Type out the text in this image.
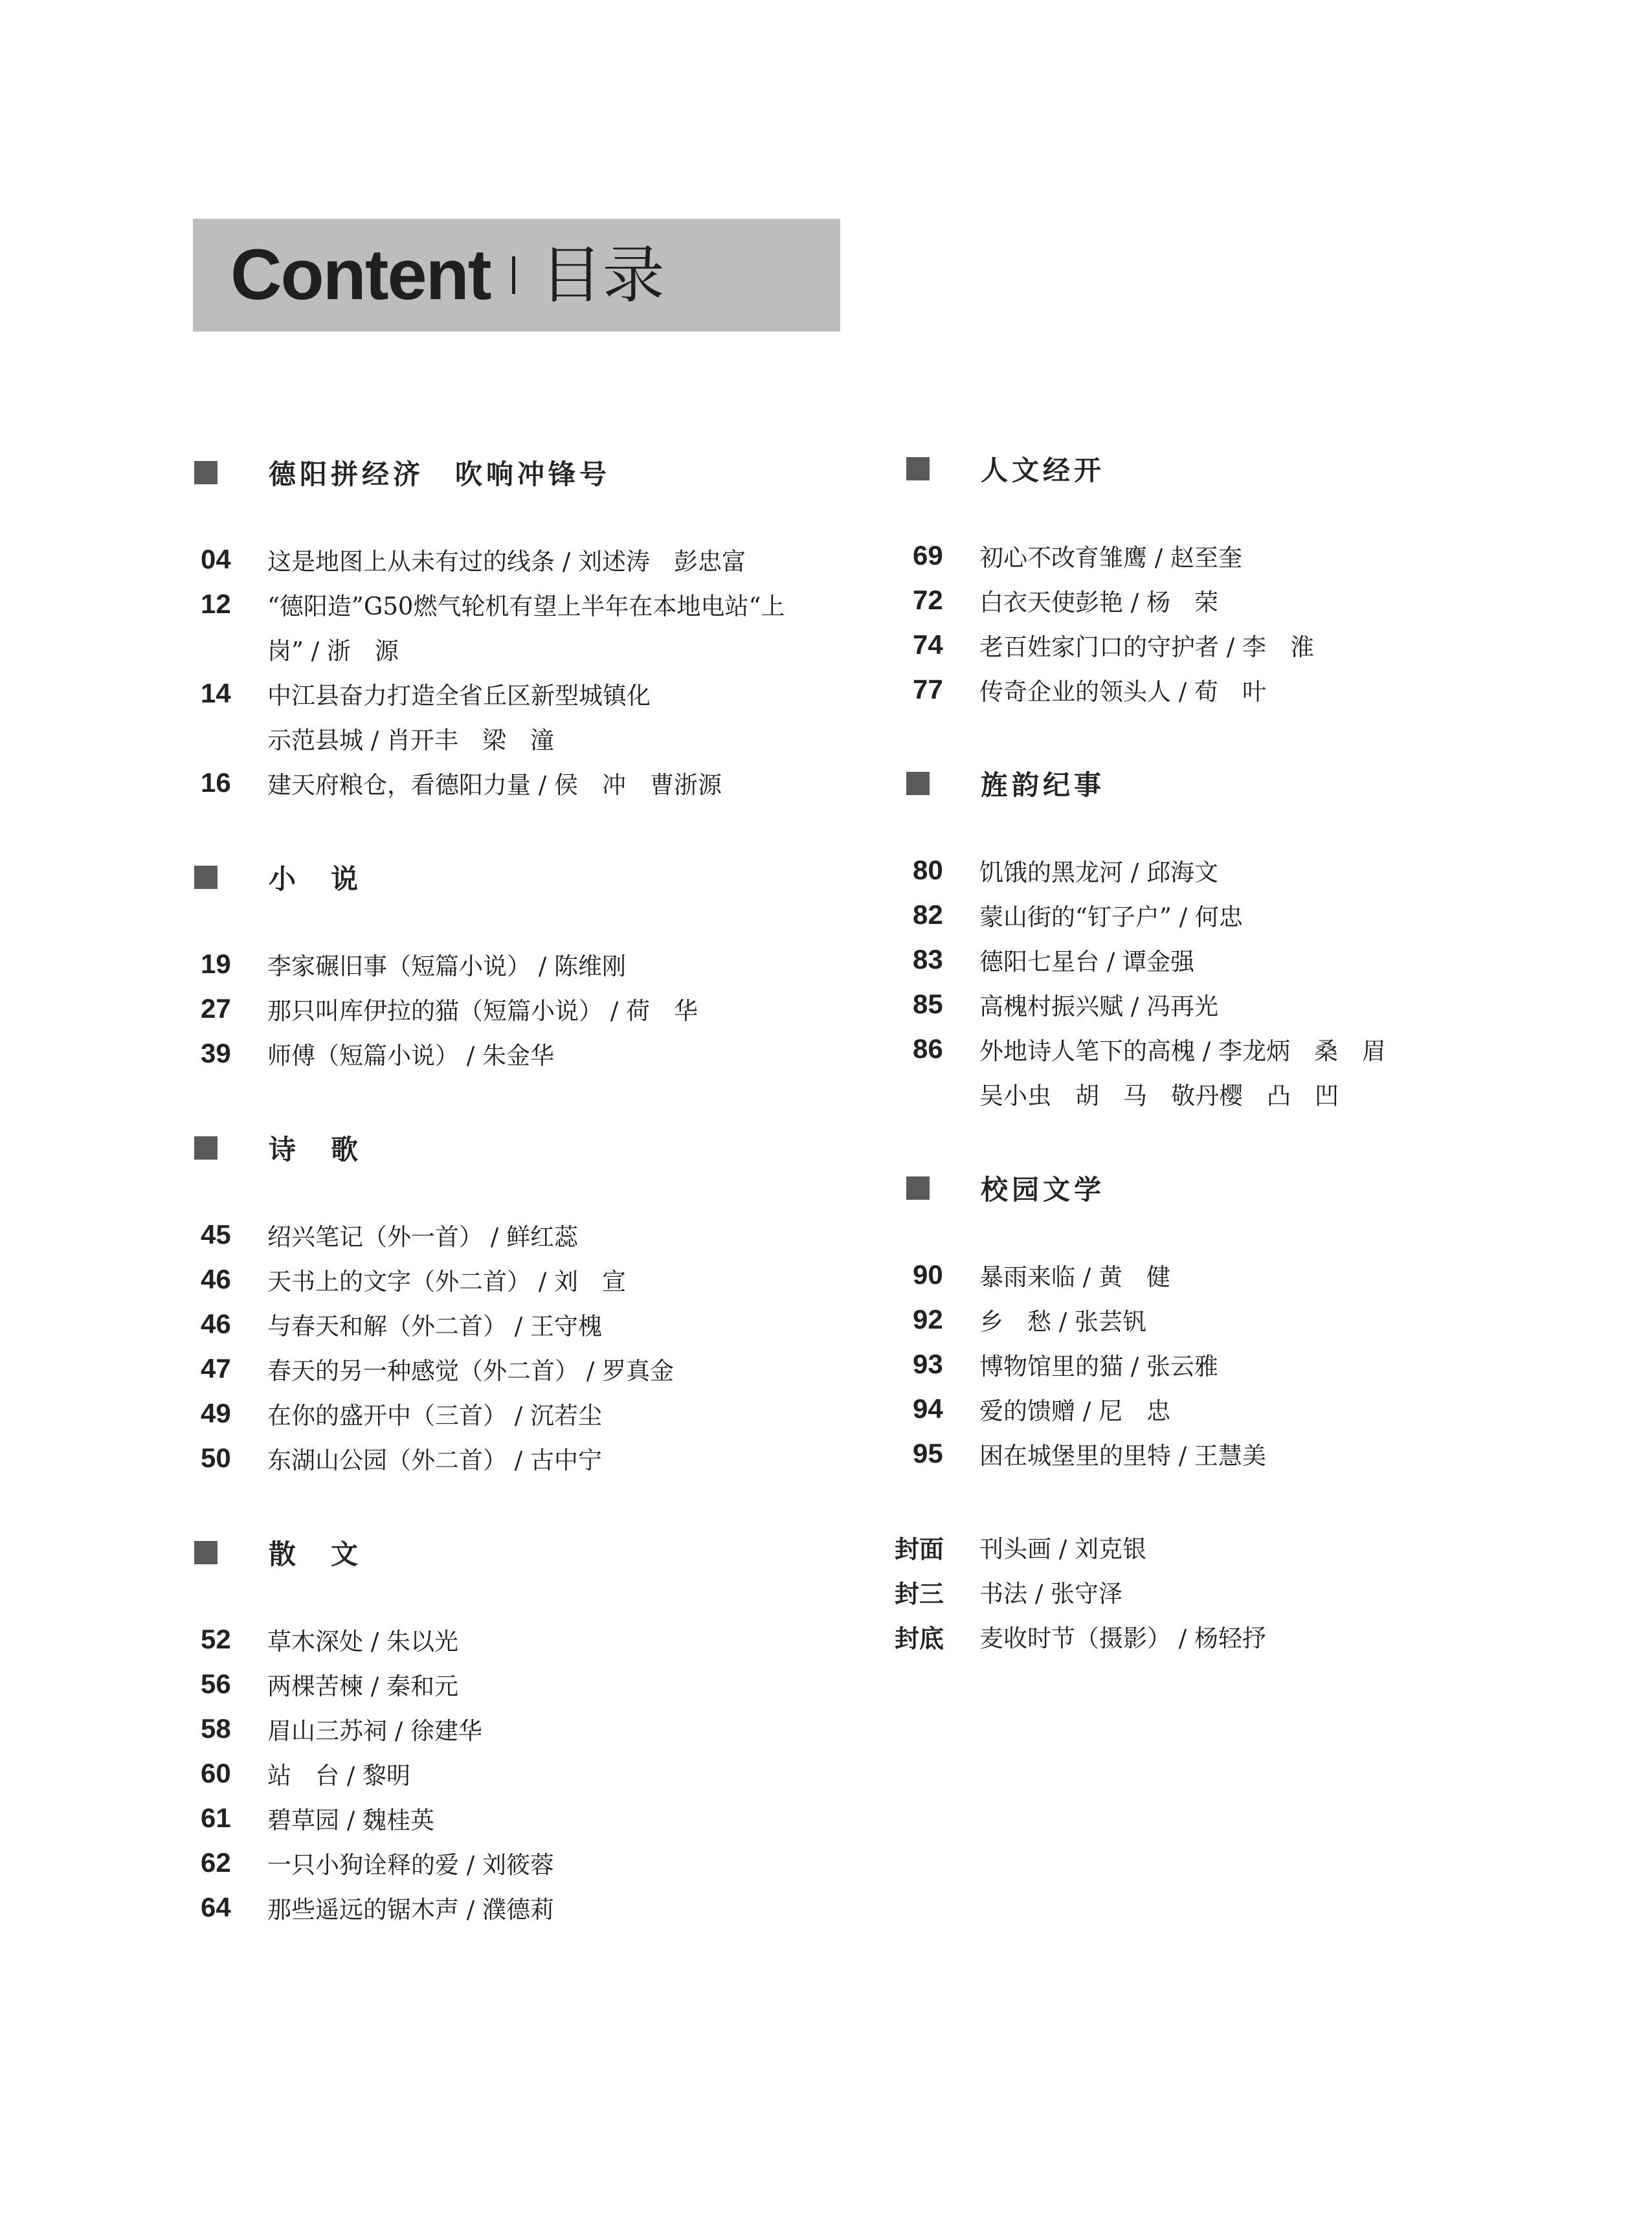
Content 目录
德阳拼经济　吹响冲锋号
04	这是地图上从未有过的线条 / 刘述涛　彭忠富
12	“德阳造”G50燃气轮机有望上半年在本地电站“上
岗” / 浙　源
14	中江县奋力打造全省丘区新型城镇化
示范县城 / 肖开丰　梁　潼
16	建天府粮仓，看德阳力量 / 侯　冲　曹浙源
小　说
19	李家碾旧事（短篇小说） / 陈维刚
27	那只叫库伊拉的猫（短篇小说） / 荷　华
39	师傅（短篇小说） / 朱金华
诗　歌
45	绍兴笔记（外一首） / 鲜红蕊
46	天书上的文字（外二首） / 刘　宣
46	与春天和解（外二首） / 王守槐
47	春天的另一种感觉（外二首） / 罗真金
49	在你的盛开中（三首） / 沉若尘
50	东湖山公园（外二首） / 古中宁
散　文
52	草木深处 / 朱以光
56	两棵苦楝 / 秦和元
58	眉山三苏祠 / 徐建华
60	站　台 / 黎明
61	碧草园 / 魏桂英
62	一只小狗诠释的爱 / 刘筱蓉
64	那些遥远的锯木声 / 濮德莉
人文经开
69	初心不改育雏鹰 / 赵至奎
72	白衣天使彭艳 / 杨　荣
74	老百姓家门口的守护者 / 李　淮
77	传奇企业的领头人 / 荀　叶
旌韵纪事
80	饥饿的黑龙河 / 邱海文
82	蒙山街的“钉子户” / 何忠
83	德阳七星台 / 谭金强
85	高槐村振兴赋 / 冯再光
86	外地诗人笔下的高槐 / 李龙炳　桑　眉
吴小虫　胡　马　敬丹樱　凸　凹
校园文学
90	暴雨来临 / 黄　健
92	乡　愁 / 张芸钒
93	博物馆里的猫 / 张云雅
94	爱的馈赠 / 尼　忠
95	困在城堡里的里特 / 王慧美
封面	刊头画 / 刘克银
封三	书法 / 张守泽
封底	麦收时节（摄影） / 杨轻抒
